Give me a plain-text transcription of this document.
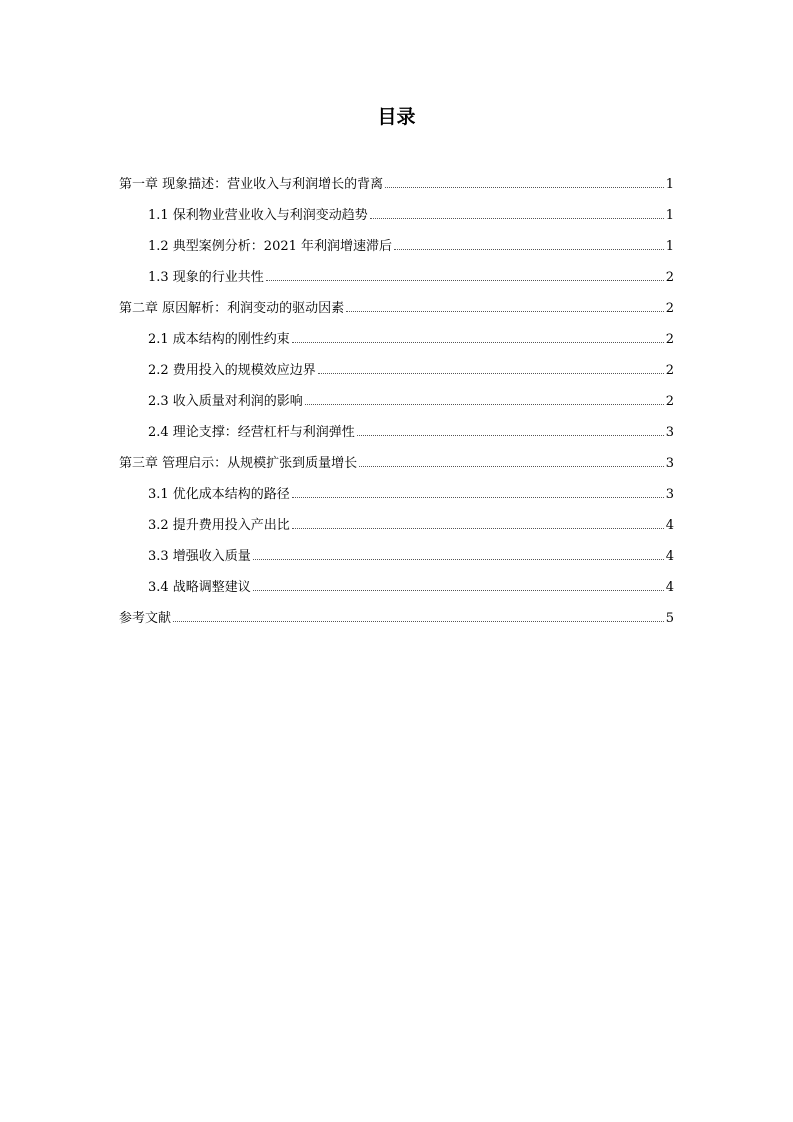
目录
第一章 现象描述：营业收入与利润增长的背离	1
1.1 保利物业营业收入与利润变动趋势	1
1.2 典型案例分析：2021 年利润增速滞后	1
1.3 现象的行业共性	2
第二章 原因解析：利润变动的驱动因素	2
2.1 成本结构的刚性约束	2
2.2 费用投入的规模效应边界	2
2.3 收入质量对利润的影响	2
2.4 理论支撑：经营杠杆与利润弹性	3
第三章 管理启示：从规模扩张到质量增长	3
3.1 优化成本结构的路径	3
3.2 提升费用投入产出比	4
3.3 增强收入质量	4
3.4 战略调整建议	4
参考文献	5
